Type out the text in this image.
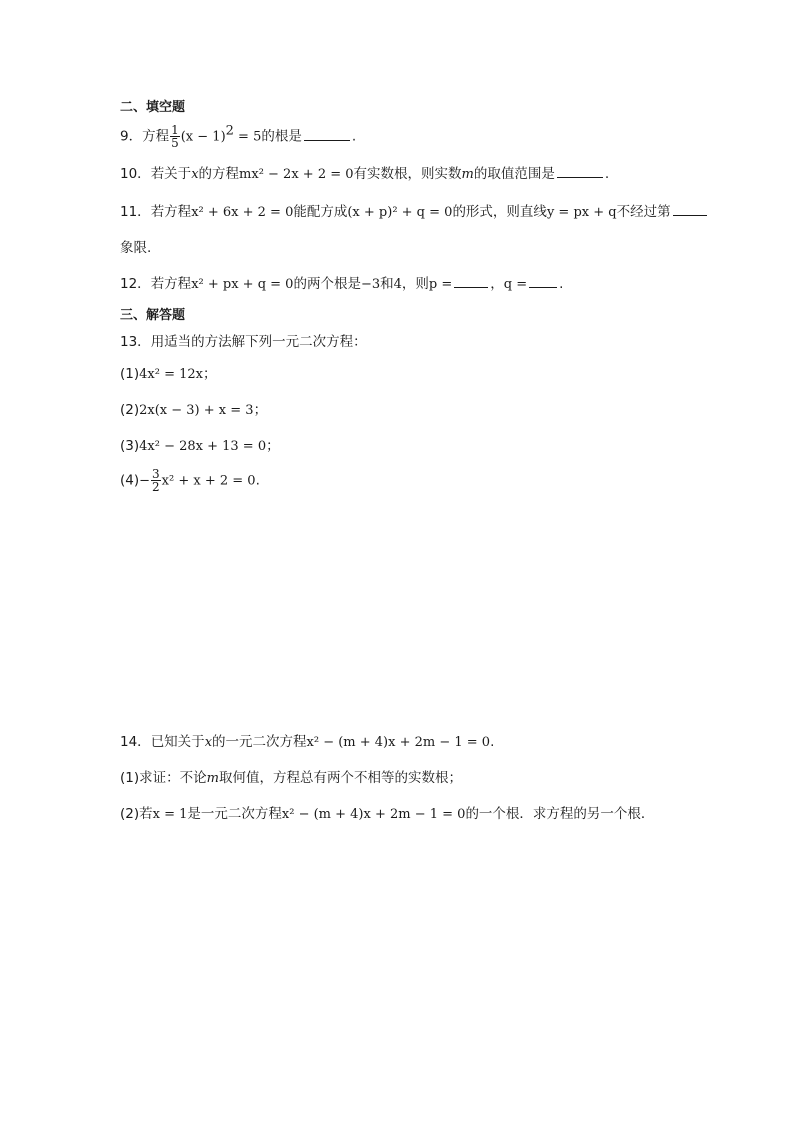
二、填空题
9．方程 $\frac{1}{5} (x - 1)^2 = 5$的根是	.
10．若关于x的方程mx² − 2x + 2 = 0有实数根，则实数m的取值范围是	.
11．若方程x² + 6x + 2 = 0能配方成(x + p)² + q = 0的形式，则直线y = px + q不经过第
象限.
12．若方程x² + px + q = 0的两个根是−3和4，则p =	，q = .
三、解答题
13．用适当的方法解下列一元二次方程：
(1)4x² = 12x；
(2)2x(x − 3) + x = 3；
(3)4x² − 28x + 13 = 0；
$(4)- \frac{3}{2} x^2 + x + 2 = 0$.
14．已知关于x的一元二次方程x² − (m + 4)x + 2m − 1 = 0.
(1)求证：不论m取何值，方程总有两个不相等的实数根；
(2)若x = 1是一元二次方程x² − (m + 4)x + 2m − 1 = 0的一个根．求方程的另一个根．
